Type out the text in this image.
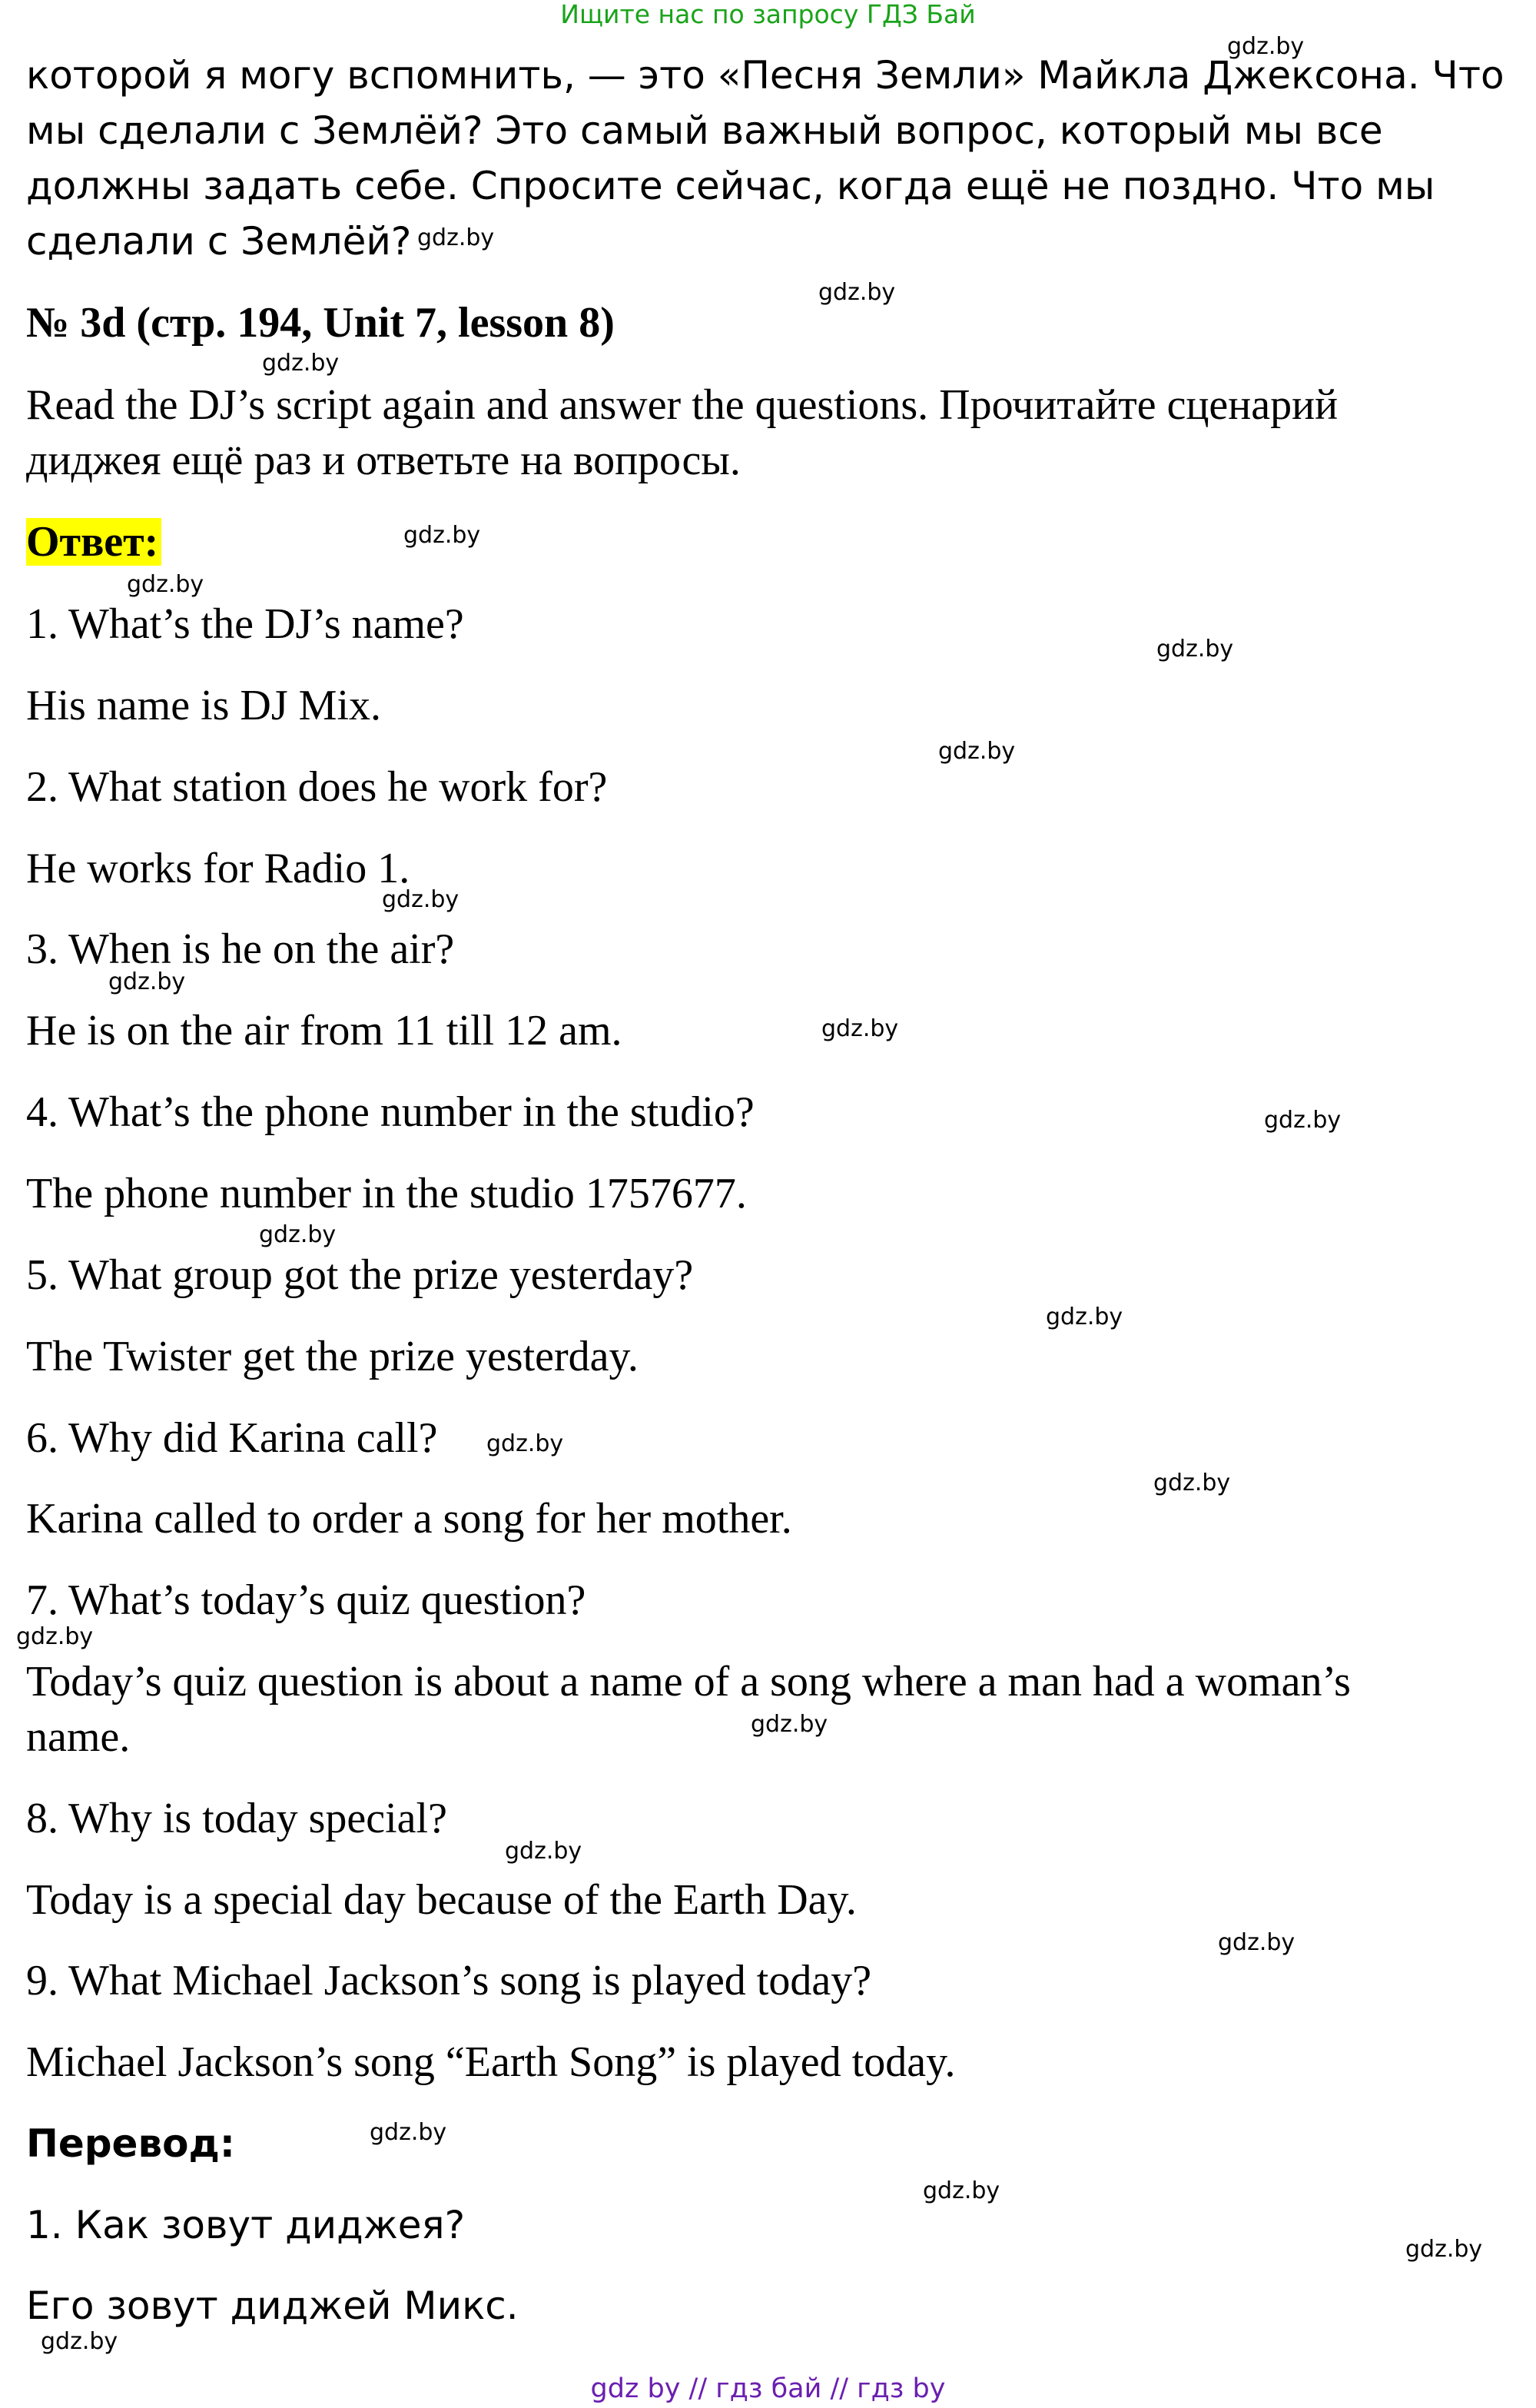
Ищите нас по запросу ГДЗ Бай
которой я могу вспомнить, — это «Песня Земли» Майкла Джексона. Что
мы сделали с Землёй? Это самый важный вопрос, который мы все
должны задать себе. Спросите сейчас, когда ещё не поздно. Что мы
сделали с Землёй?
№ 3d (стр. 194, Unit 7, lesson 8)
Read the DJ’s script again and answer the questions. Прочитайте сценарий
диджея ещё раз и ответьте на вопросы.
Ответ:
1. What’s the DJ’s name?
His name is DJ Mix.
2. What station does he work for?
He works for Radio 1.
3. When is he on the air?
He is on the air from 11 till 12 am.
4. What’s the phone number in the studio?
The phone number in the studio 1757677.
5. What group got the prize yesterday?
The Twister get the prize yesterday.
6. Why did Karina call?
Karina called to order a song for her mother.
7. What’s today’s quiz question?
Today’s quiz question is about a name of a song where a man had a woman’s
name.
8. Why is today special?
Today is a special day because of the Earth Day.
9. What Michael Jackson’s song is played today?
Michael Jackson’s song “Earth Song” is played today.
Перевод:
1. Как зовут диджея?
Его зовут диджей Микс.
gdz.by
gdz.by
gdz.by
gdz.by
gdz.by
gdz.by
gdz.by
gdz.by
gdz.by
gdz.by
gdz.by
gdz.by
gdz.by
gdz.by
gdz.by
gdz.by
gdz.by
gdz.by
gdz.by
gdz.by
gdz.by
gdz.by
gdz.by
gdz.by
gdz by // гдз бай // гдз by
